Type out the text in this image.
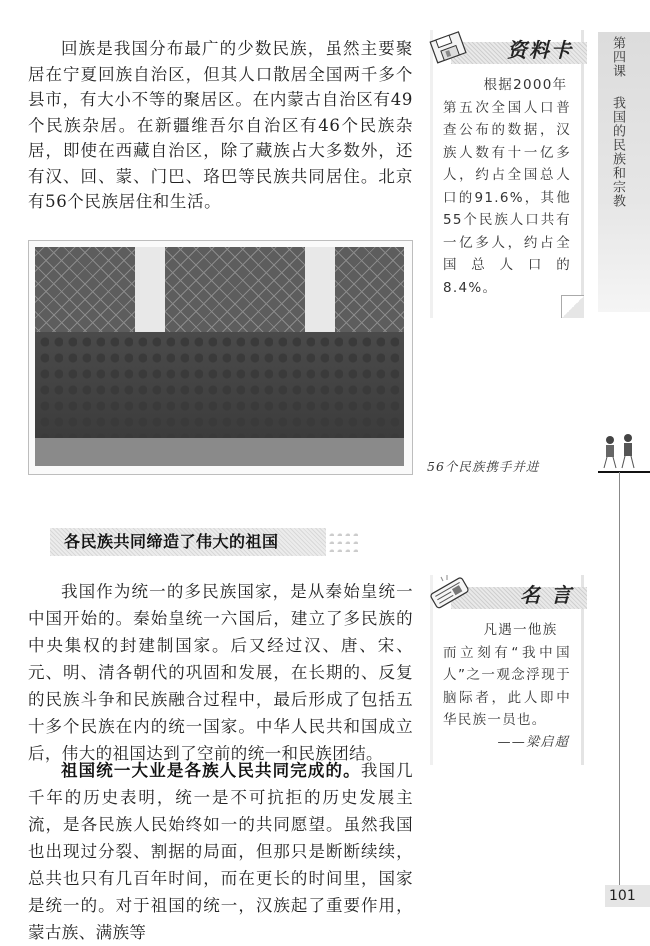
回族是我国分布最广的少数民族，虽然主要聚居在宁夏回族自治区，但其人口散居全国两千多个县市，有大小不等的聚居区。在内蒙古自治区有49个民族杂居。在新疆维吾尔自治区有46个民族杂居，即使在西藏自治区，除了藏族占大多数外，还有汉、回、蒙、门巴、珞巴等民族共同居住。北京有56个民族居住和生活。

56个民族携手并进
各民族共同缔造了伟大的祖国

我国作为统一的多民族国家，是从秦始皇统一中国开始的。秦始皇统一六国后，建立了多民族的中央集权的封建制国家。后又经过汉、唐、宋、元、明、清各朝代的巩固和发展，在长期的、反复的民族斗争和民族融合过程中，最后形成了包括五十多个民族在内的统一国家。中华人民共和国成立后，伟大的祖国达到了空前的统一和民族团结。

祖国统一大业是各族人民共同完成的。我国几千年的历史表明，统一是不可抗拒的历史发展主流，是各民族人民始终如一的共同愿望。虽然我国也出现过分裂、割据的局面，但那只是断断续续，总共也只有几百年时间，而在更长的时间里，国家是统一的。对于祖国的统一，汉族起了重要作用，蒙古族、满族等

资料卡
根据2000年
第五次全国人口普查公布的数据，汉族人数有十一亿多人，约占全国总人口的91.6%，其他55个民族人口共有一亿多人，约占全国总人口的8.4%。
名 言
凡遇一他族
而立刻有“我中国人”之一观念浮现于脑际者，此人即中华民族一员也。
——梁启超
第四课
我国的民族和宗教
101
